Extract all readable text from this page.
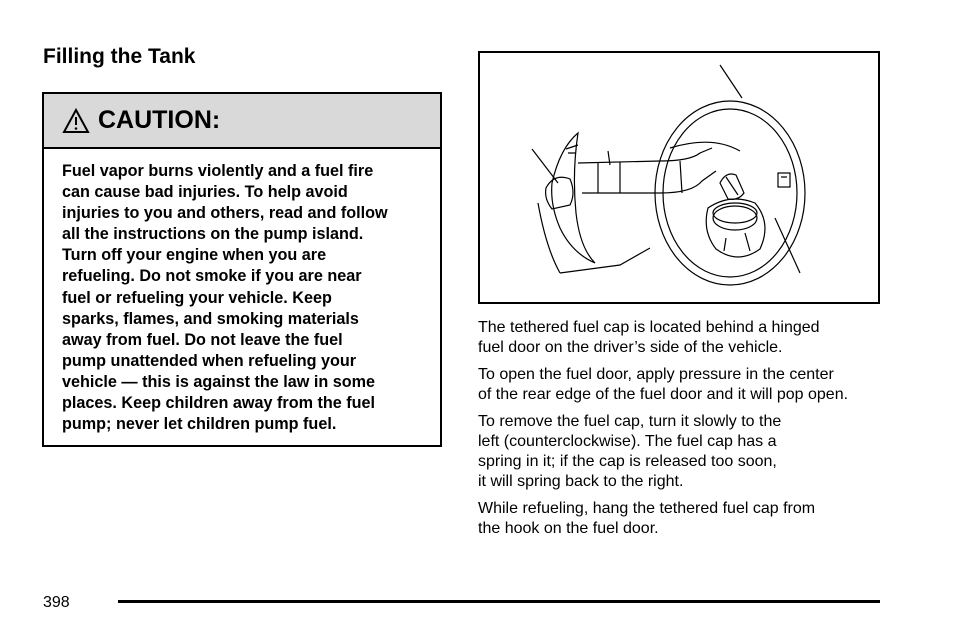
Filling the Tank
CAUTION:
Fuel vapor burns violently and a fuel fire
can cause bad injuries. To help avoid
injuries to you and others, read and follow
all the instructions on the pump island.
Turn off your engine when you are
refueling. Do not smoke if you are near
fuel or refueling your vehicle. Keep
sparks, flames, and smoking materials
away from fuel. Do not leave the fuel
pump unattended when refueling your
vehicle — this is against the law in some
places. Keep children away from the fuel
pump; never let children pump fuel.

The tethered fuel cap is located behind a hinged
fuel door on the driver’s side of the vehicle.

To open the fuel door, apply pressure in the center
of the rear edge of the fuel door and it will pop open.

To remove the fuel cap, turn it slowly to the
left (counterclockwise). The fuel cap has a
spring in it; if the cap is released too soon,
it will spring back to the right.

While refueling, hang the tethered fuel cap from
the hook on the fuel door.

398
